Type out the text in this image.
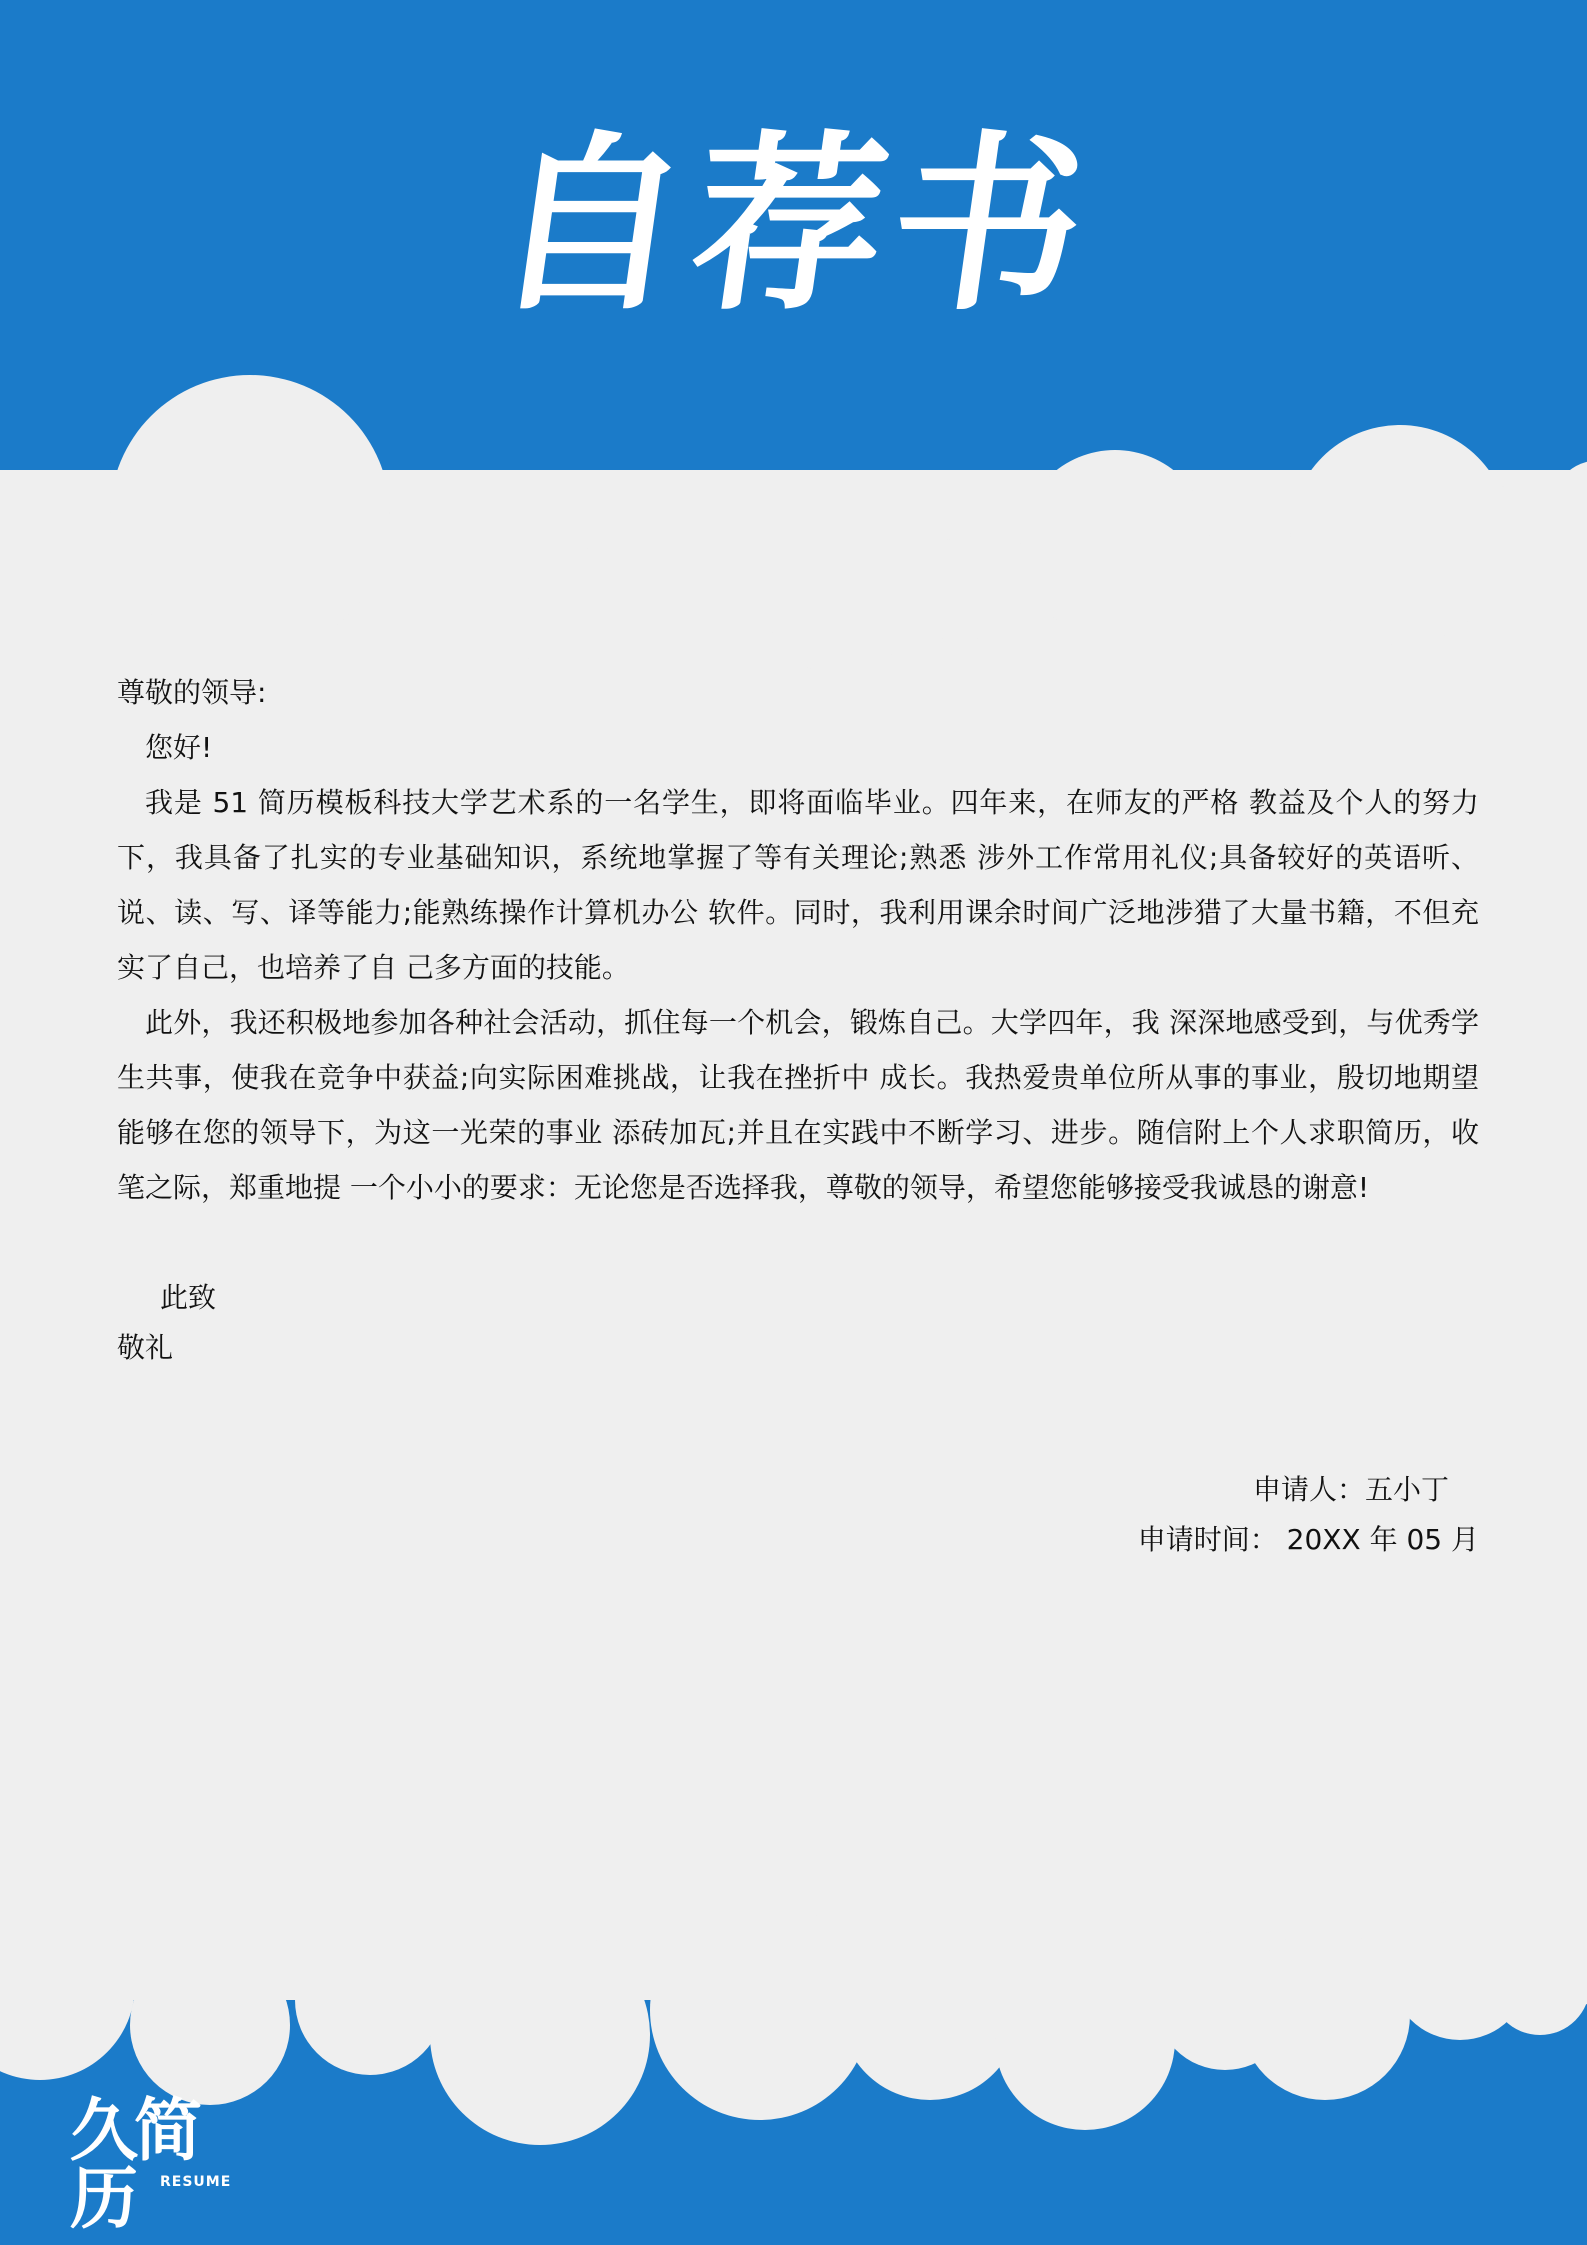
自荐书

尊敬的领导:

您好!

我是 51 简历模板科技大学艺术系的一名学生，即将面临毕业。四年来，在师友的严格 教益及个人的努力下，我具备了扎实的专业基础知识，系统地掌握了等有关理论;熟悉 涉外工作常用礼仪;具备较好的英语听、说、读、写、译等能力;能熟练操作计算机办公 软件。同时，我利用课余时间广泛地涉猎了大量书籍，不但充实了自己，也培养了自 己多方面的技能。

此外，我还积极地参加各种社会活动，抓住每一个机会，锻炼自己。大学四年，我 深深地感受到，与优秀学生共事，使我在竞争中获益;向实际困难挑战，让我在挫折中 成长。我热爱贵单位所从事的事业，殷切地期望能够在您的领导下，为这一光荣的事业 添砖加瓦;并且在实践中不断学习、进步。随信附上个人求职简历，收笔之际，郑重地提 一个小小的要求：无论您是否选择我，尊敬的领导，希望您能够接受我诚恳的谢意!

此致
敬礼
申请人：五小丁
申请时间： 20XX 年 05 月
久简历	RESUME
